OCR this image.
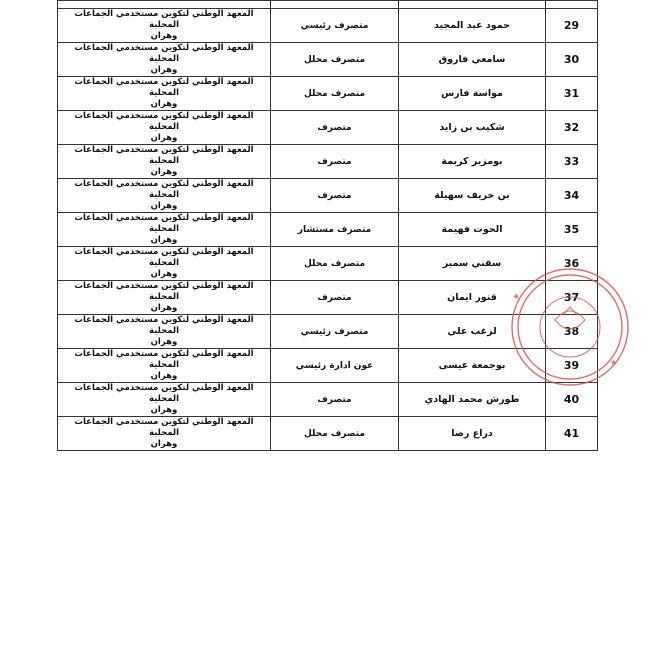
29	حمود عبد المجيد	متصرف رئيسي	المعهد الوطني لتكوين مستخدمي الجماعات المحلية
وهران

30	سامعي فاروق	متصرف محلل	المعهد الوطني لتكوين مستخدمي الجماعات المحلية
وهران

31	مواسة فارس	متصرف محلل	المعهد الوطني لتكوين مستخدمي الجماعات المحلية
وهران

32	شكيب بن زايد	متصرف	المعهد الوطني لتكوين مستخدمي الجماعات المحلية
وهران

33	بومزير كريمة	متصرف	المعهد الوطني لتكوين مستخدمي الجماعات المحلية
وهران

34	بن خريف سهيلة	متصرف	المعهد الوطني لتكوين مستخدمي الجماعات المحلية
وهران

35	الحوت فهيمة	متصرف مستشار	المعهد الوطني لتكوين مستخدمي الجماعات المحلية
وهران

36	سقني سمير	متصرف محلل	المعهد الوطني لتكوين مستخدمي الجماعات المحلية
وهران

37	قنور ايمان	متصرف	المعهد الوطني لتكوين مستخدمي الجماعات المحلية
وهران

38	لزغب علي	متصرف رئيسي	المعهد الوطني لتكوين مستخدمي الجماعات المحلية
وهران

39	بوجمعة عيسى	عون ادارة رئيسي	المعهد الوطني لتكوين مستخدمي الجماعات المحلية
وهران

40	طورش محمد الهادي	متصرف	المعهد الوطني لتكوين مستخدمي الجماعات المحلية
وهران

41	دراع رضا	متصرف محلل	المعهد الوطني لتكوين مستخدمي الجماعات المحلية
وهران
★
★
